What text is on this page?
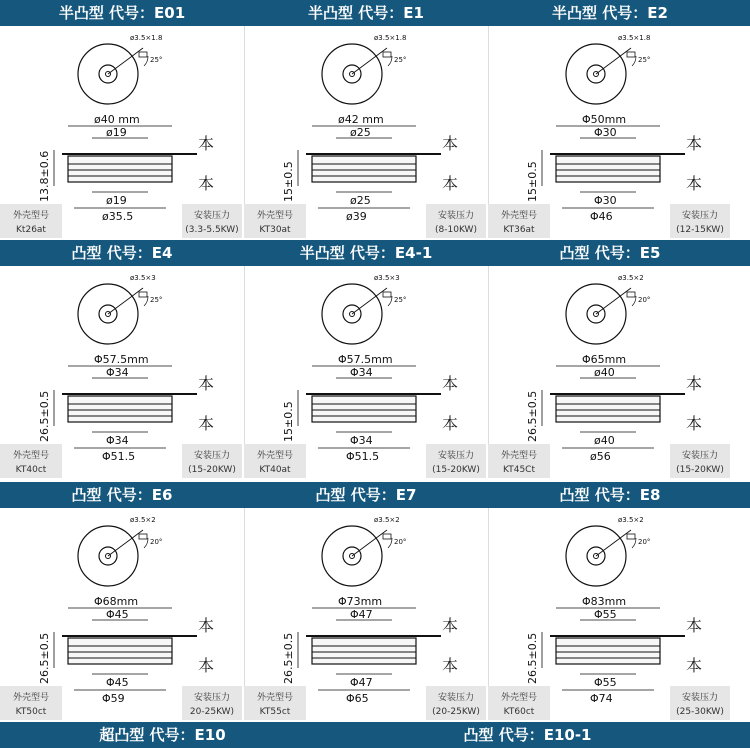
半凸型 代号：E01	半凸型 代号：E1	半凸型 代号：E2
凸型 代号：E4	半凸型 代号：E4-1	凸型 代号：E5
凸型 代号：E6	凸型 代号：E7	凸型 代号：E8
超凸型 代号：E10	凸型 代号：E10-1
ø3.5×1.8
25°
ø40 mm
ø19
ø19
ø35.5
13.8±0.6
本
本
外壳型号
Kt26at
安装压力
(3.3-5.5KW)
ø3.5×1.8
25°
ø42 mm
ø25
ø25
ø39
15±0.5
本
本
外壳型号
KT30at
安装压力
(8-10KW)
ø3.5×1.8
25°
Φ50mm
Φ30
Φ30
Φ46
15±0.5
本
本
外壳型号
KT36at
安装压力
(12-15KW)
ø3.5×3
25°
Φ57.5mm
Φ34
Φ34
Φ51.5
26.5±0.5
本
本
外壳型号
KT40ct
安装压力
(15-20KW)
ø3.5×3
25°
Φ57.5mm
Φ34
Φ34
Φ51.5
15±0.5
本
本
外壳型号
KT40at
安装压力
(15-20KW)
ø3.5×2
20°
Φ65mm
ø40
ø40
ø56
26.5±0.5
本
本
外壳型号
KT45Ct
安装压力
(15-20KW)
ø3.5×2
20°
Φ68mm
Φ45
Φ45
Φ59
26.5±0.5
本
本
外壳型号
KT50ct
安装压力
20-25KW)
ø3.5×2
20°
Φ73mm
Φ47
Φ47
Φ65
26.5±0.5
本
本
外壳型号
KT55ct
安装压力
(20-25KW)
ø3.5×2
20°
Φ83mm
Φ55
Φ55
Φ74
26.5±0.5
本
本
外壳型号
KT60ct
安装压力
(25-30KW)
